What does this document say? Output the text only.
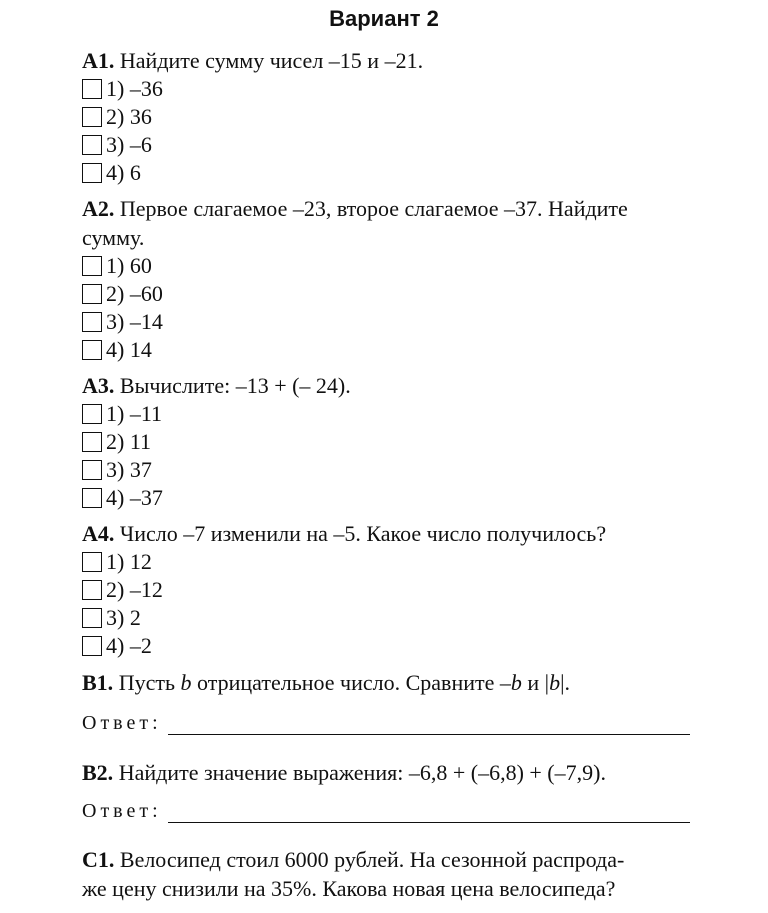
Вариант 2
А1. Найдите сумму чисел –15 и –21.
1) –36
2) 36
3) –6
4) 6
А2. Первое слагаемое –23, второе слагаемое –37. Найдите
сумму.
1) 60
2) –60
3) –14
4) 14
А3. Вычислите: –13 + (– 24).
1) –11
2) 11
3) 37
4) –37
А4. Число –7 изменили на –5. Какое число получилось?
1) 12
2) –12
3) 2
4) –2
В1. Пусть b отрицательное число. Сравните –b и |b|.
Ответ:
В2. Найдите значение выражения: –6,8 + (–6,8) + (–7,9).
Ответ:
С1. Велосипед стоил 6000 рублей. На сезонной распрода-
же цену снизили на 35%. Какова новая цена велосипеда?
